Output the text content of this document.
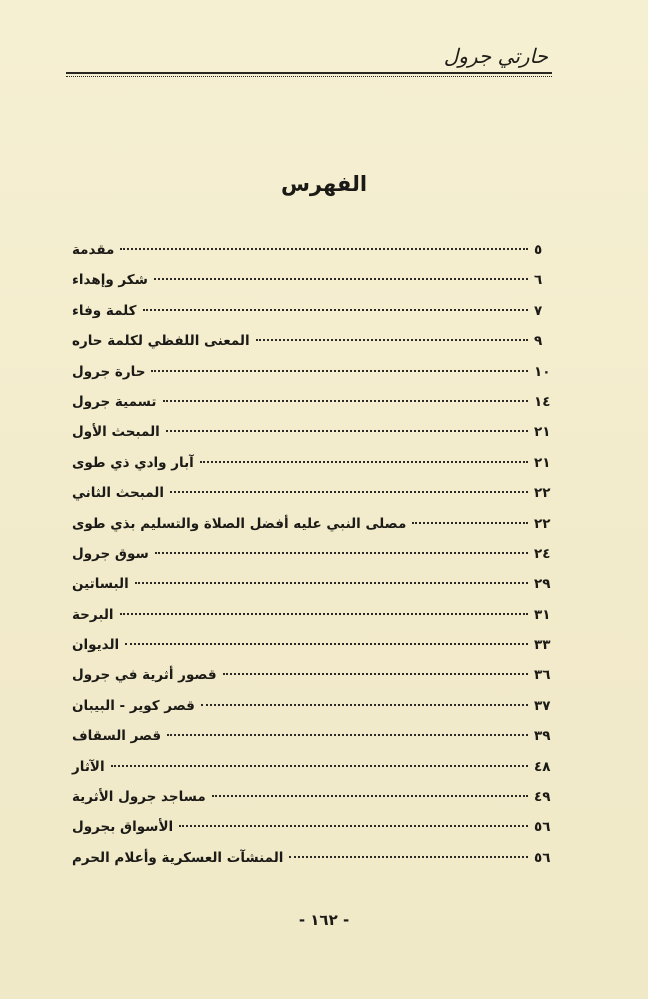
حارتي جرول
الفهرس
مقدمة	٥
شكر وإهداء	٦
كلمة وفاء	٧
المعنى اللفظي لكلمة حاره	٩
حارة جرول	١٠
تسمية جرول	١٤
المبحث الأول	٢١
آبار وادي ذي طوى	٢١
المبحث الثاني	٢٢
مصلى النبي عليه أفضل الصلاة والتسليم بذي طوى	٢٢
سوق جرول	٢٤
البساتين	٢٩
البرحة	٣١
الديوان	٣٣
قصور أثرية في جرول	٣٦
قصر كوير - البيبان	٣٧
قصر السقاف	٣٩
الآثار	٤٨
مساجد جرول الأثرية	٤٩
الأسواق بجرول	٥٦
المنشآت العسكرية وأعلام الحرم	٥٦
- ١٦٢ -
